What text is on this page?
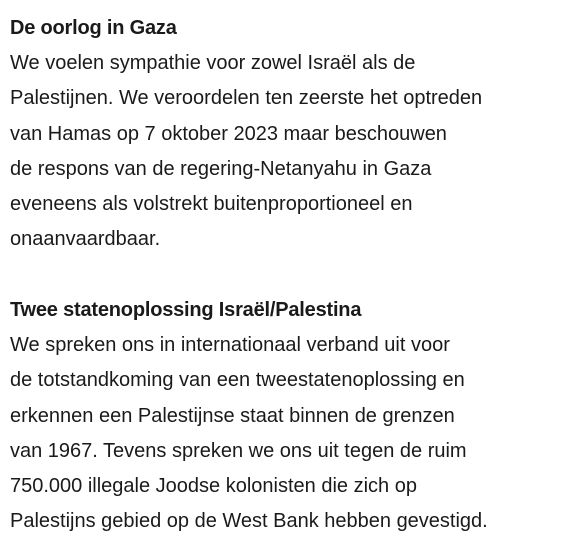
De oorlog in Gaza

We voelen sympathie voor zowel Israël als de
Palestijnen. We veroordelen ten zeerste het optreden
van Hamas op 7 oktober 2023 maar beschouwen
de respons van de regering-Netanyahu in Gaza
eveneens als volstrekt buitenproportioneel en
onaanvaardbaar.

Twee statenoplossing Israël/Palestina

We spreken ons in internationaal verband uit voor
de totstandkoming van een tweestatenoplossing en
erkennen een Palestijnse staat binnen de grenzen
van 1967. Tevens spreken we ons uit tegen de ruim
750.000 illegale Joodse kolonisten die zich op
Palestijns gebied op de West Bank hebben gevestigd.
